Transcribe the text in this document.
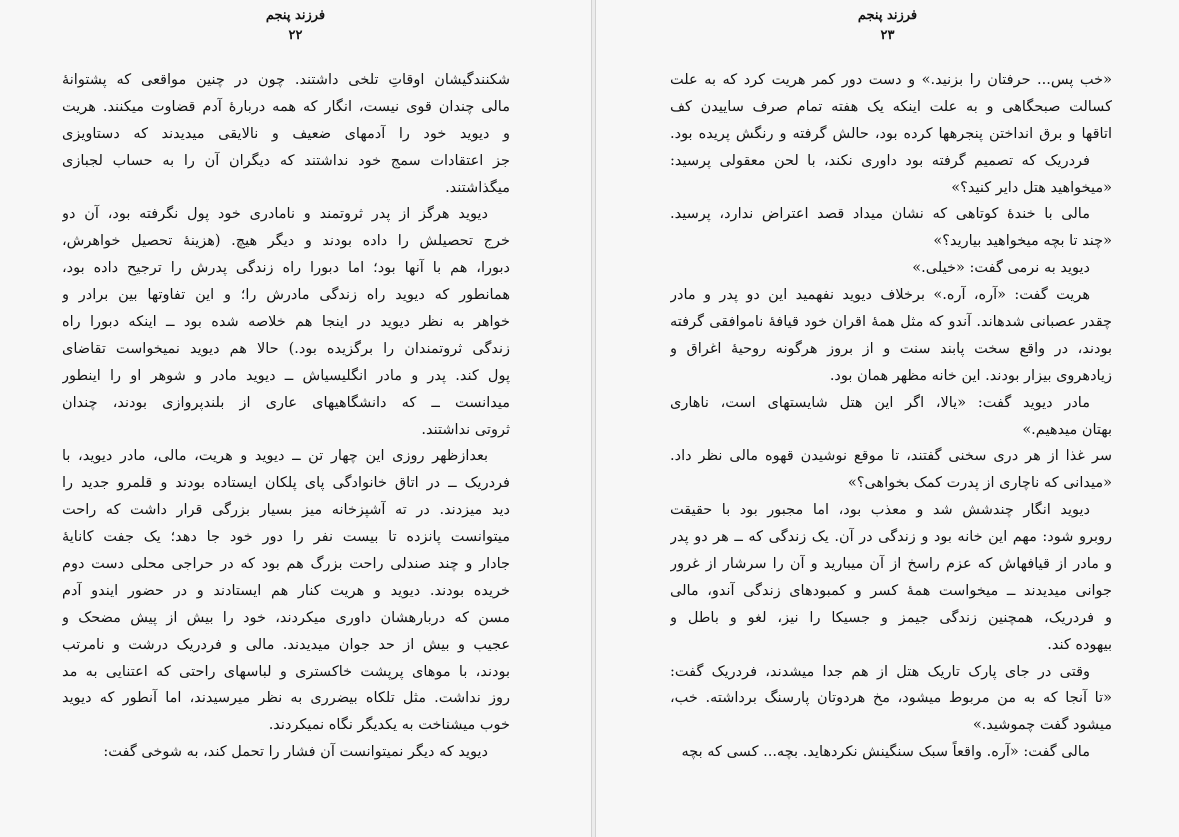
فرزند پنجم
۲۲
شکنندگیشان اوقاتِ تلخی داشتند. چون در چنین مواقعی که پشتوانهٔ
مالی چندان قوی نیست، انگار که همه دربارهٔ آدم قضاوت میکنند. هریت
و دیوید خود را آدمهای ضعیف و نالایقی میدیدند که دستاویزی
جز اعتقادات سمج خود نداشتند که دیگران آن را به حساب لجبازی
میگذاشتند.
دیوید هرگز از پدر ثروتمند و نامادری خود پول نگرفته بود، آن دو
خرج تحصیلش را داده بودند و دیگر هیچ. (هزینهٔ تحصیل خواهرش،
دبورا، هم با آنها بود؛ اما دبورا راه زندگی پدرش را ترجیح داده بود،
همانطور که دیوید راه زندگی مادرش را؛ و این تفاوتها بین برادر و
خواهر به نظر دیوید در اینجا هم خلاصه شده بود ــ اینکه دبورا راه
زندگی ثروتمندان را برگزیده بود.) حالا هم دیوید نمیخواست تقاضای
پول کند. پدر و مادر انگلیسیاش ــ دیوید مادر و شوهر او را اینطور
میدانست ــ که دانشگاهیهای عاری از بلندپروازی بودند، چندان
ثروتی نداشتند.
بعدازظهر روزی این چهار تن ــ دیوید و هریت، مالی، مادر دیوید، با
فردریک ــ در اتاق خانوادگی پای پلکان ایستاده بودند و قلمرو جدید را
دید میزدند. در ته آشپزخانه میز بسیار بزرگی قرار داشت که راحت
میتوانست پانزده تا بیست نفر را دور خود جا دهد؛ یک جفت کانایهٔ
جادار و چند صندلی راحت بزرگ هم بود که در حراجی محلی دست دوم
خریده بودند. دیوید و هریت کنار هم ایستادند و در حضور ایندو آدم
مسن که دربارهشان داوری میکردند، خود را بیش از پیش مضحک و
عجیب و بیش از حد جوان میدیدند. مالی و فردریک درشت و نامرتب
بودند، با موهای پرپشت خاکستری و لباسهای راحتی که اعتنایی به مد
روز نداشت. مثل تلکاه بیضرری به نظر میرسیدند، اما آنطور که دیوید
خوب میشناخت به یکدیگر نگاه نمیکردند.
دیوید که دیگر نمیتوانست آن فشار را تحمل کند، به شوخی گفت:
فرزند پنجم
۲۳
«خب پس... حرفتان را بزنید.» و دست دور کمر هریت کرد که به علت
کسالت صبحگاهی و به علت اینکه یک هفته تمام صرف ساییدن کف
اتاقها و برق انداختن پنجرهها کرده بود، حالش گرفته و رنگش پریده بود.
فردریک که تصمیم گرفته بود داوری نکند، با لحن معقولی پرسید:
«میخواهید هتل دایر کنید؟»
مالی با خندهٔ کوتاهی که نشان میداد قصد اعتراض ندارد، پرسید.
«چند تا بچه میخواهید بیارید؟»
دیوید به نرمی گفت: «خیلی.»
هریت گفت: «آره، آره.» برخلاف دیوید نفهمید این دو پدر و مادر
چقدر عصبانی شدهاند. آندو که مثل همهٔ اقران خود قیافهٔ ناموافقی گرفته
بودند، در واقع سخت پابند سنت و از بروز هرگونه روحیهٔ اغراق و
زیادهروی بیزار بودند. این خانه مظهر همان بود.
مادر دیوید گفت: «یالا، اگر این هتل شایستهای است، ناهاری
بهتان میدهیم.»
سر غذا از هر دری سخنی گفتند، تا موقع نوشیدن قهوه مالی نظر داد.
«میدانی که ناچاری از پدرت کمک بخواهی؟»
دیوید انگار چندشش شد و معذب بود، اما مجبور بود با حقیقت
روبرو شود: مهم این خانه بود و زندگی در آن. یک زندگی که ــ هر دو پدر
و مادر از قیافهاش که عزم راسخ از آن میبارید و آن را سرشار از غرور
جوانی میدیدند ــ میخواست همهٔ کسر و کمبودهای زندگی آندو، مالی
و فردریک، همچنین زندگی جیمز و جسیکا را نیز، لغو و باطل و
بیهوده کند.
وقتی در جای پارک تاریک هتل از هم جدا میشدند، فردریک گفت:
«تا آنجا که به من مربوط میشود، مخ هردوتان پارسنگ برداشته. خب،
میشود گفت چموشید.»
مالی گفت: «آره. واقعاً سبک سنگینش نکردهاید. بچه... کسی که بچه
